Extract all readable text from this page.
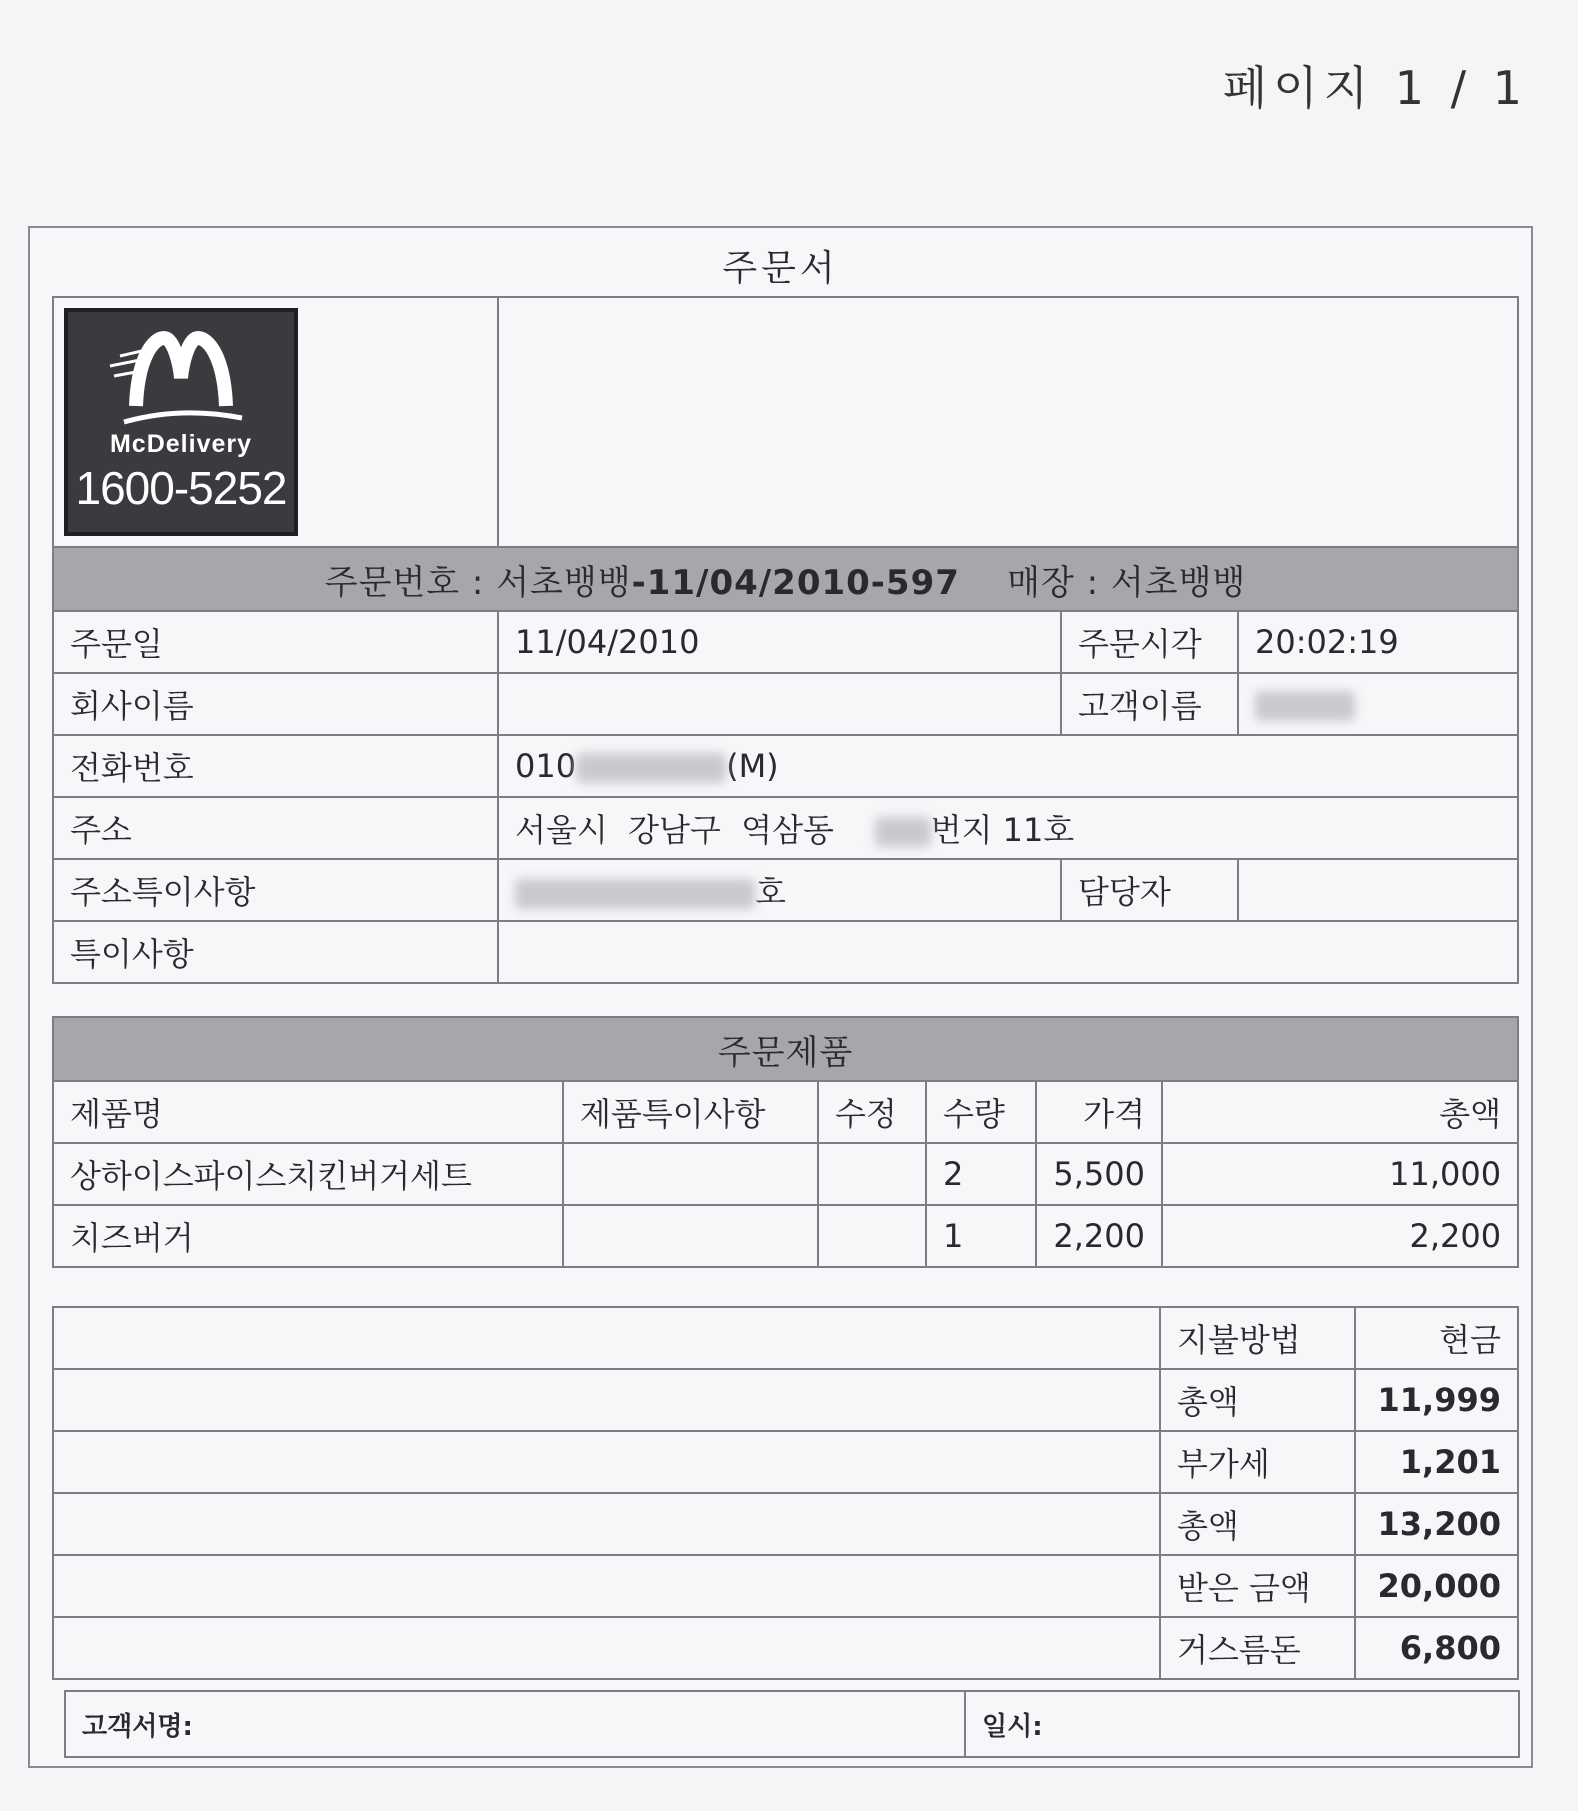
페이지 1 / 1
주문서
McDelivery
1600-5252

주문번호 : 서초뱅뱅-11/04/2010-597 매장 : 서초뱅뱅			
주문일	11/04/2010	주문시각	20:02:19
회사이름		고객이름	
전화번호	010 (M)		
주소	서울시  강남구  역삼동 번지 11호		
주소특이사항	호	담당자	
특이사항			
주문제품					
제품명	제품특이사항	수정	수량	가격	총액
상하이스파이스치킨버거세트			2	5,500	11,000
치즈버거			1	2,200	2,200
	지불방법	현금
	총액	11,999
	부가세	1,201
	총액	13,200
	받은 금액	20,000
	거스름돈	6,800
고객서명:	일시:
